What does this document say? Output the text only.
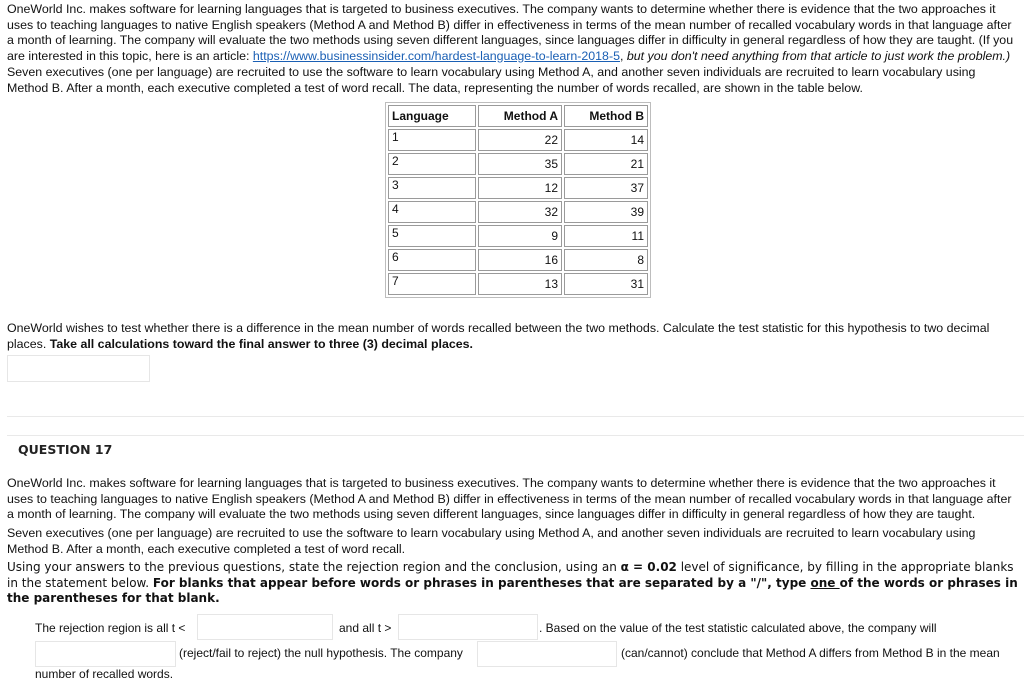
OneWorld Inc. makes software for learning languages that is targeted to business executives. The company wants to determine whether there is evidence that the two approaches it uses to teaching languages to native English speakers (Method A and Method B) differ in effectiveness in terms of the mean number of recalled vocabulary words in that language after a month of learning. The company will evaluate the two methods using seven different languages, since languages differ in difficulty in general regardless of how they are taught. (If you are interested in this topic, here is an article: https://www.businessinsider.com/hardest-language-to-learn-2018-5, but you don't need anything from that article to just work the problem.)

Seven executives (one per language) are recruited to use the software to learn vocabulary using Method A, and another seven individuals are recruited to learn vocabulary using Method B. After a month, each executive completed a test of word recall. The data, representing the number of words recalled, are shown in the table below.

Language	Method A	Method B
1	22	14
2	35	21
3	12	37
4	32	39
5	9	11
6	16	8
7	13	31

OneWorld wishes to test whether there is a difference in the mean number of words recalled between the two methods. Calculate the test statistic for this hypothesis to two decimal places. Take all calculations toward the final answer to three (3) decimal places.

QUESTION 17

OneWorld Inc. makes software for learning languages that is targeted to business executives. The company wants to determine whether there is evidence that the two approaches it uses to teaching languages to native English speakers (Method A and Method B) differ in effectiveness in terms of the mean number of recalled vocabulary words in that language after a month of learning. The company will evaluate the two methods using seven different languages, since languages differ in difficulty in general regardless of how they are taught.

Seven executives (one per language) are recruited to use the software to learn vocabulary using Method A, and another seven individuals are recruited to learn vocabulary using Method B. After a month, each executive completed a test of word recall.

Using your answers to the previous questions, state the rejection region and the conclusion, using an α = 0.02 level of significance, by filling in the appropriate blanks in the statement below. For blanks that appear before words or phrases in parentheses that are separated by a "/", type one of the words or phrases in the parentheses for that blank.

The rejection region is all t <	and all t >	. Based on the value of the test statistic calculated above, the company will
(reject/fail to reject) the null hypothesis. The company	(can/cannot) conclude that Method A differs from Method B in the mean
number of recalled words.
